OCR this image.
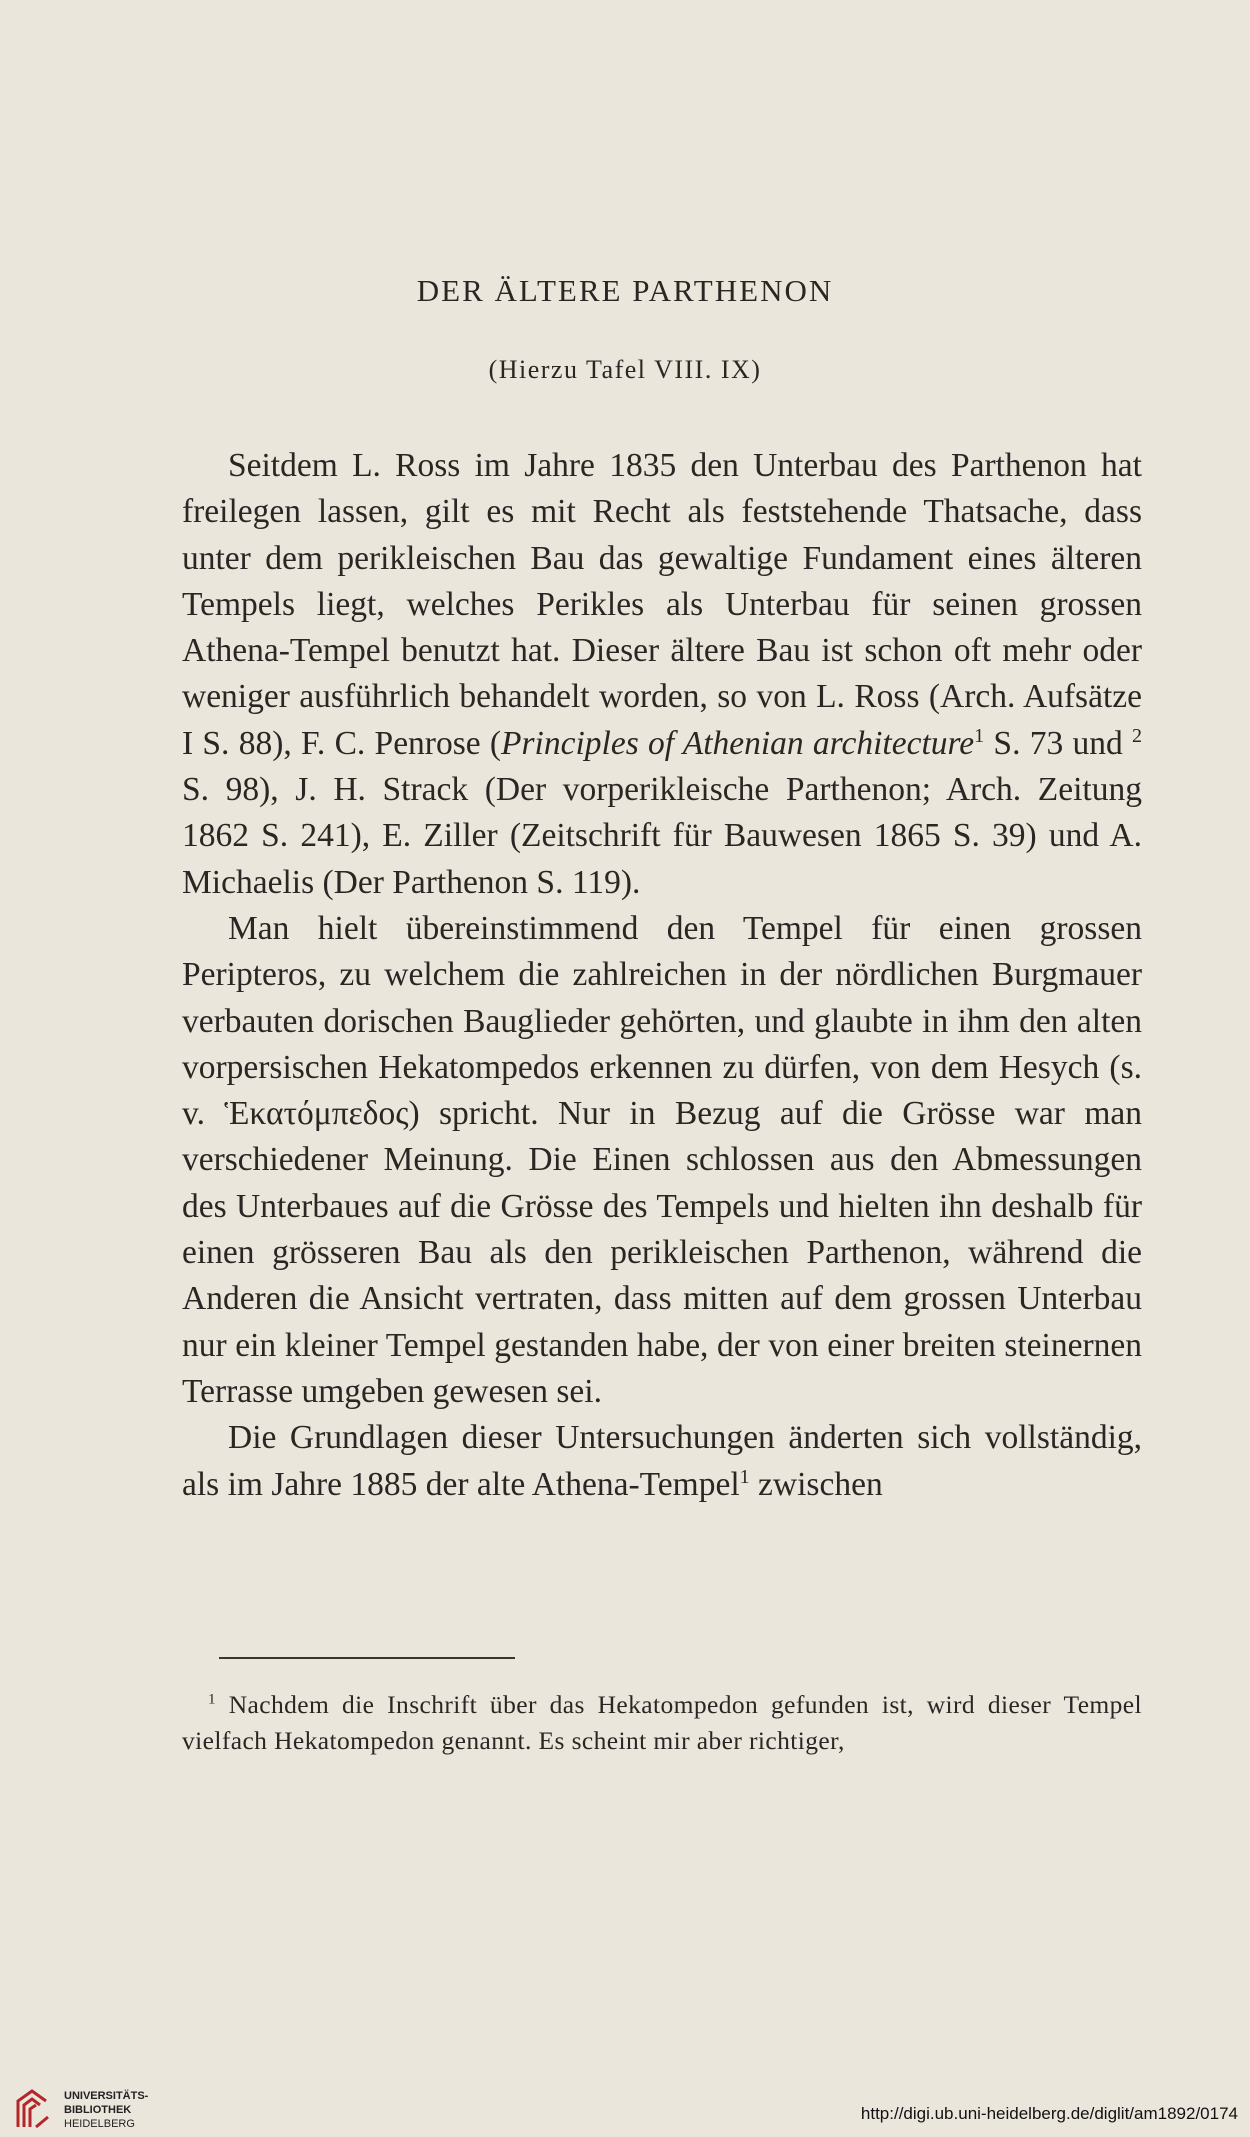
DER ÄLTERE PARTHENON
(Hierzu Tafel VIII. IX)

Seitdem L. Ross im Jahre 1835 den Unterbau des Parthenon hat freilegen lassen, gilt es mit Recht als feststehende Thatsache, dass unter dem perikleischen Bau das gewaltige Fundament eines älteren Tempels liegt, welches Perikles als Unterbau für seinen grossen Athena-Tempel benutzt hat. Dieser ältere Bau ist schon oft mehr oder weniger ausführlich behandelt worden, so von L. Ross (Arch. Aufsätze I S. 88), F. C. Penrose (Principles of Athenian architecture$^1$ S. 73 und $^2$ S. 98), J. H. Strack (Der vorperikleische Parthenon; Arch. Zeitung 1862 S. 241), E. Ziller (Zeitschrift für Bauwesen 1865 S. 39) und A. Michaelis (Der Parthenon S. 119).

Man hielt übereinstimmend den Tempel für einen grossen Peripteros, zu welchem die zahlreichen in der nördlichen Burgmauer verbauten dorischen Bauglieder gehörten, und glaubte in ihm den alten vorpersischen Hekatompedos erkennen zu dürfen, von dem Hesych (s. v. Ἑκατόμπεδος) spricht. Nur in Bezug auf die Grösse war man verschiedener Meinung. Die Einen schlossen aus den Abmessungen des Unterbaues auf die Grösse des Tempels und hielten ihn deshalb für einen grösseren Bau als den perikleischen Parthenon, während die Anderen die Ansicht vertraten, dass mitten auf dem grossen Unterbau nur ein kleiner Tempel gestanden habe, der von einer breiten steinernen Terrasse umgeben gewesen sei.

Die Grundlagen dieser Untersuchungen änderten sich vollständig, als im Jahre 1885 der alte Athena-Tempel$^1$ zwischen

$^1$ Nachdem die Inschrift über das Hekatompedon gefunden ist, wird dieser Tempel vielfach Hekatompedon genannt. Es scheint mir aber richtiger,

UNIVERSITÄTS-
BIBLIOTHEK
HEIDELBERG
http://digi.ub.uni-heidelberg.de/diglit/am1892/0174
